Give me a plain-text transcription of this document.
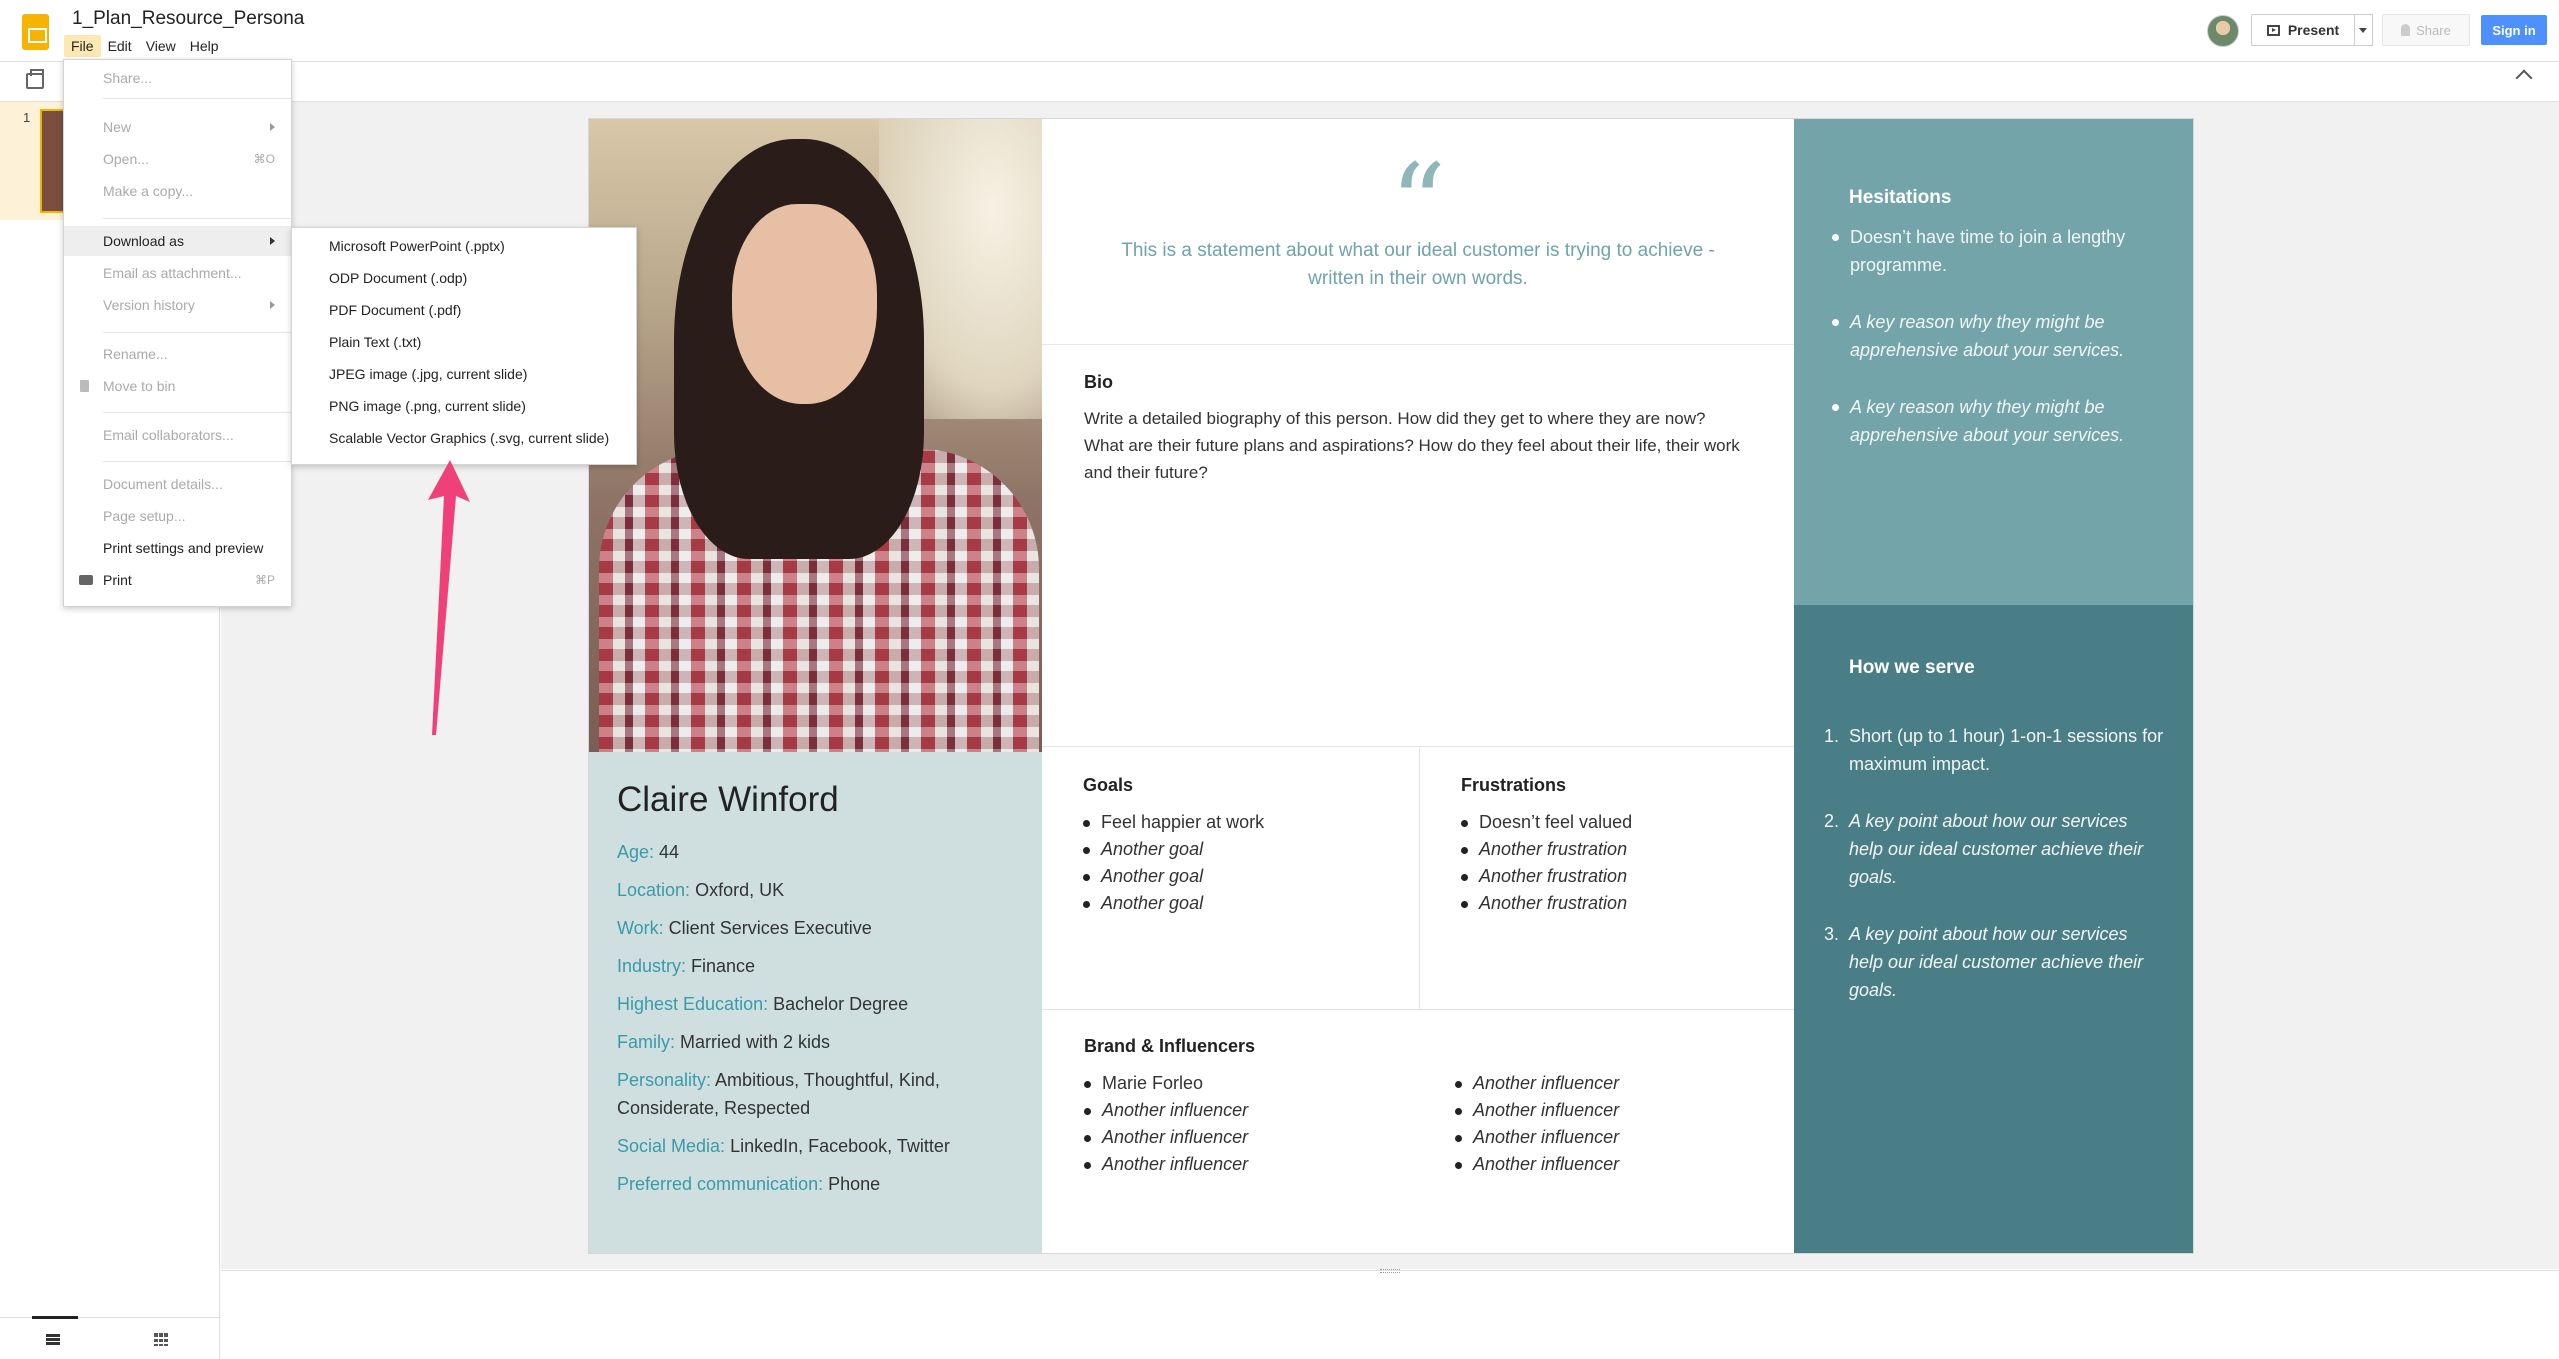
1_Plan_Resource_Persona
File	Edit	View	Help
Present	Share	Sign in
1
“
This is a statement about what our ideal customer is trying to achieve - written in their own words.
Bio
Write a detailed biography of this person. How did they get to where they are now? What are their future plans and aspirations? How do they feel about their life, their work and their future?
Claire Winford
Age: 44
Location: Oxford, UK
Work: Client Services Executive
Industry: Finance
Highest Education: Bachelor Degree
Family: Married with 2 kids
Personality: Ambitious, Thoughtful, Kind, Considerate, Respected
Social Media: LinkedIn, Facebook, Twitter
Preferred communication: Phone
Goals
Feel happier at work
Another goal
Another goal
Another goal
Frustrations
Doesn’t feel valued
Another frustration
Another frustration
Another frustration
Brand & Influencers
Marie Forleo
Another influencer
Another influencer
Another influencer
Another influencer
Another influencer
Another influencer
Another influencer
Hesitations
Doesn’t have time to join a lengthy programme.
A key reason why they might be apprehensive about your services.
A key reason why they might be apprehensive about your services.
How we serve
1. Short (up to 1 hour) 1-on-1 sessions for maximum impact.
2. A key point about how our services help our ideal customer achieve their goals.
3. A key point about how our services help our ideal customer achieve their goals.
Share...
New
Open...	⌘O
Make a copy...
Download as
Email as attachment...
Version history
Rename...
Move to bin
Email collaborators...
Document details...
Page setup...
Print settings and preview
Print	⌘P
Microsoft PowerPoint (.pptx)
ODP Document (.odp)
PDF Document (.pdf)
Plain Text (.txt)
JPEG image (.jpg, current slide)
PNG image (.png, current slide)
Scalable Vector Graphics (.svg, current slide)
